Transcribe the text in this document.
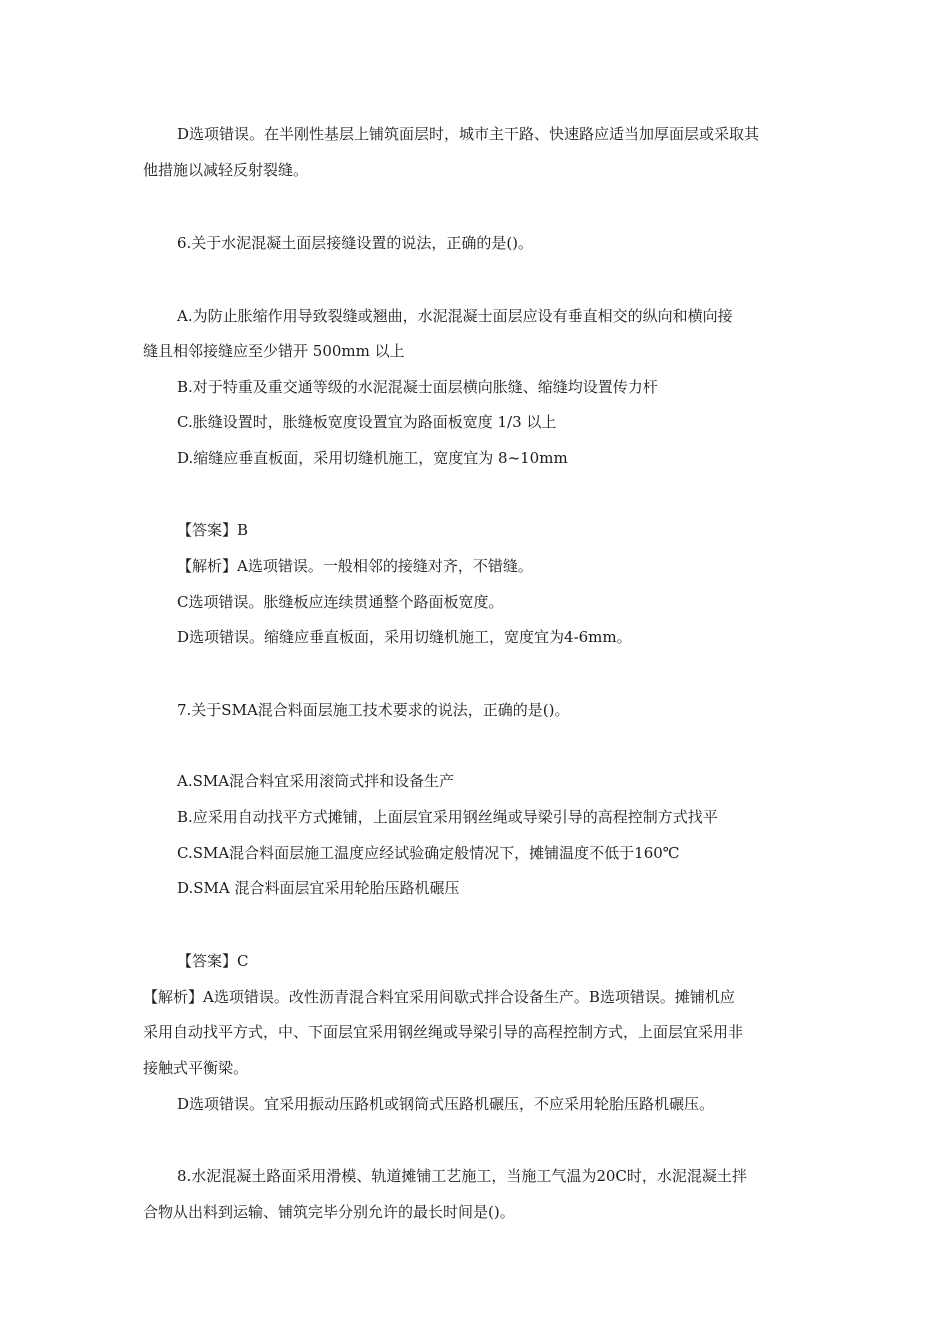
D选项错误。在半刚性基层上铺筑面层时，城市主干路、快速路应适当加厚面层或采取其
他措施以减轻反射裂缝。
6.关于水泥混凝土面层接缝设置的说法，正确的是()。
A.为防止胀缩作用导致裂缝或翘曲，水泥混凝士面层应设有垂直相交的纵向和横向接
缝且相邻接缝应至少错开 500mm 以上
B.对于特重及重交通等级的水泥混凝士面层横向胀缝、缩缝均设置传力杆
C.胀缝设置时，胀缝板宽度设置宜为路面板宽度 1/3 以上
D.缩缝应垂直板面，采用切缝机施工，宽度宜为 8~10mm
【答案】B
【解析】A选项错误。一般相邻的接缝对齐，不错缝。
C选项错误。胀缝板应连续贯通整个路面板宽度。
D选项错误。缩缝应垂直板面，采用切缝机施工，宽度宜为4-6mm。
7.关于SMA混合料面层施工技术要求的说法，正确的是()。
A.SMA混合料宜采用滚筒式拌和设备生产
B.应采用自动找平方式摊铺，上面层宜采用钢丝绳或导梁引导的高程控制方式找平
C.SMA混合料面层施工温度应经试验确定般情况下，摊铺温度不低于160℃
D.SMA 混合料面层宜采用轮胎压路机碾压
【答案】C
【解析】A选项错误。改性沥青混合料宜采用间歇式拌合设备生产。B选项错误。摊铺机应
采用自动找平方式，中、下面层宜采用钢丝绳或导梁引导的高程控制方式，上面层宜采用非
接触式平衡梁。
D选项错误。宜采用振动压路机或钢筒式压路机碾压，不应采用轮胎压路机碾压。
8.水泥混凝土路面采用滑模、轨道摊铺工艺施工，当施工气温为20C时，水泥混凝土拌
合物从出料到运输、铺筑完毕分别允许的最长时间是()。
